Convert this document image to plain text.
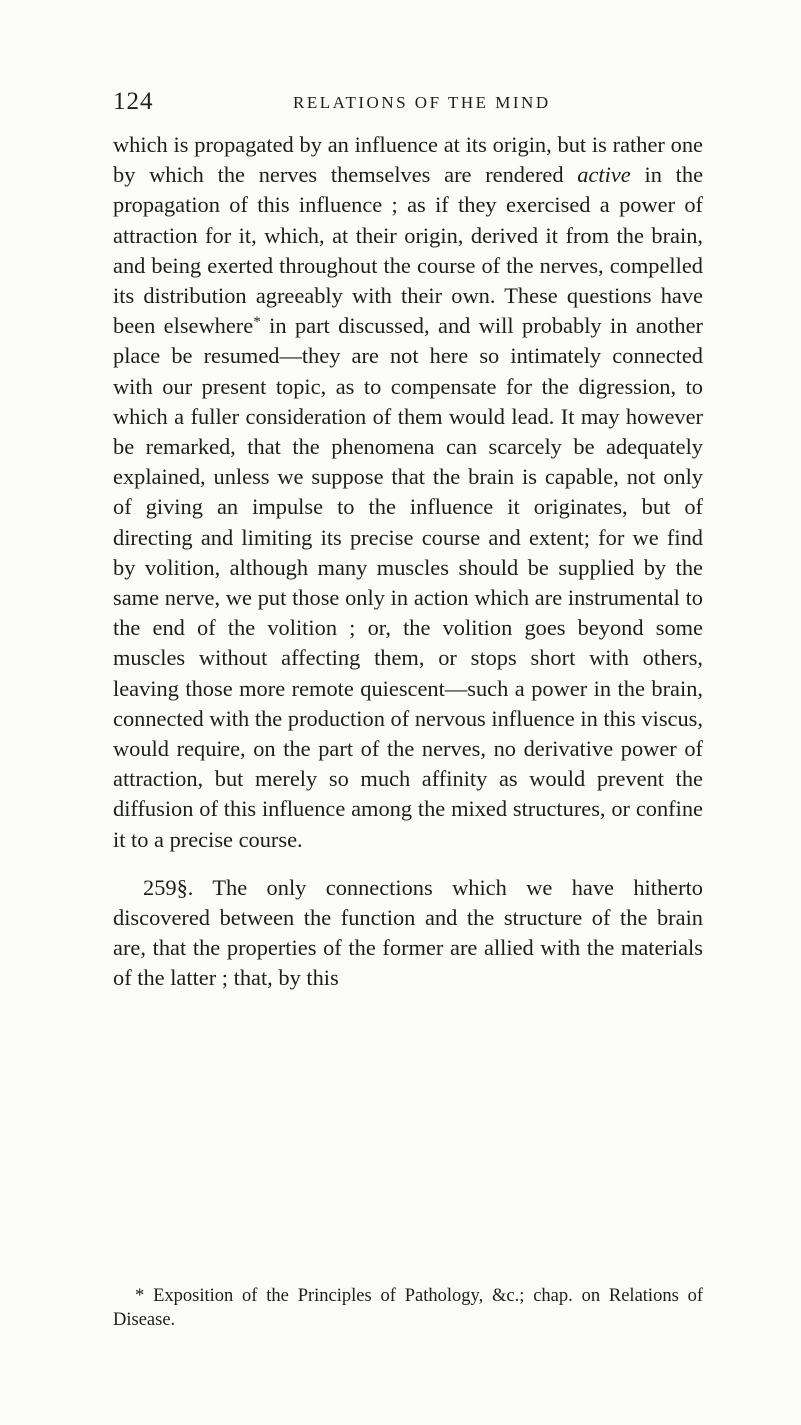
124	RELATIONS OF THE MIND

which is propagated by an influence at its origin, but is rather one by which the nerves themselves are rendered active in the propagation of this influence ; as if they exercised a power of attraction for it, which, at their origin, derived it from the brain, and being exerted throughout the course of the nerves, compelled its distribution agreeably with their own. These questions have been elsewhere* in part discussed, and will probably in another place be resumed—they are not here so intimately connected with our present topic, as to compensate for the digression, to which a fuller consideration of them would lead. It may however be remarked, that the phenomena can scarcely be adequately explained, unless we suppose that the brain is capable, not only of giving an impulse to the influence it originates, but of directing and limiting its precise course and extent; for we find by volition, although many muscles should be supplied by the same nerve, we put those only in action which are instrumental to the end of the volition ; or, the volition goes beyond some muscles without affecting them, or stops short with others, leaving those more remote quiescent—such a power in the brain, connected with the production of nervous influence in this viscus, would require, on the part of the nerves, no derivative power of attraction, but merely so much affinity as would prevent the diffusion of this influence among the mixed structures, or confine it to a precise course.

259§. The only connections which we have hitherto discovered between the function and the structure of the brain are, that the properties of the former are allied with the materials of the latter ; that, by this

* Exposition of the Principles of Pathology, &c.; chap. on Relations of Disease.
